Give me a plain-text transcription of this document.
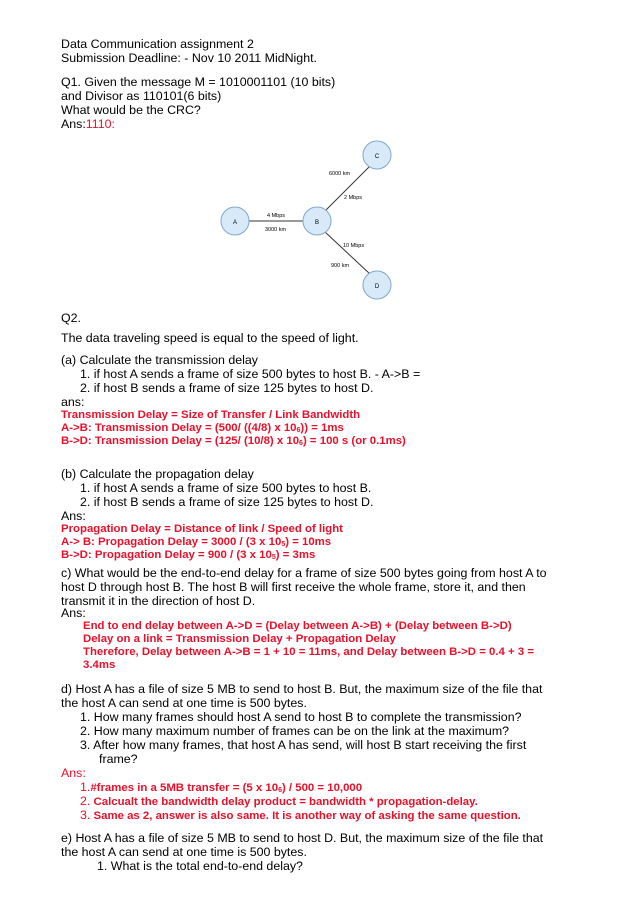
Data Communication assignment 2
Submission Deadline: - Nov 10 2011 MidNight.
Q1. Given the message M = 1010001101 (10 bits)
and Divisor as 110101(6 bits)
What would be the CRC?
Ans:1110:
A	B
C
D
4 Mbps
3000 km
6000 km
2 Mbps
10 Mbps
900 km
Q2.
The data traveling speed is equal to the speed of light.
(a) Calculate the transmission delay
1. if host A sends a frame of size 500 bytes to host B. - A->B =
2. if host B sends a frame of size 125 bytes to host D.
ans:
Transmission Delay = Size of Transfer / Link Bandwidth
A->B: Transmission Delay = (500/ ((4/8) x 106)) = 1ms
B->D: Transmission Delay = (125/ (10/8) x 106) = 100 s (or 0.1ms)
(b) Calculate the propagation delay
1. if host A sends a frame of size 500 bytes to host B.
2. if host B sends a frame of size 125 bytes to host D.
Ans:
Propagation Delay = Distance of link / Speed of light
A-> B: Propagation Delay = 3000 / (3 x 105) = 10ms
B->D: Propagation Delay = 900 / (3 x 105) = 3ms
c) What would be the end-to-end delay for a frame of size 500 bytes going from host A to
host D through host B. The host B will first receive the whole frame, store it, and then
transmit it in the direction of host D.
Ans:
End to end delay between A->D = (Delay between A->B) + (Delay between B->D)
Delay on a link = Transmission Delay + Propagation Delay
Therefore, Delay between A->B = 1 + 10 = 11ms, and Delay between B->D = 0.4 + 3 =
3.4ms
d) Host A has a file of size 5 MB to send to host B. But, the maximum size of the file that
the host A can send at one time is 500 bytes.
1. How many frames should host A send to host B to complete the transmission?
2. How many maximum number of frames can be on the link at the maximum?
3. After how many frames, that host A has send, will host B start receiving the first
frame?
Ans:
1.#frames in a 5MB transfer = (5 x 106) / 500 = 10,000
2. Calcualt the bandwidth delay product = bandwidth * propagation-delay.
3. Same as 2, answer is also same. It is another way of asking the same question.
e) Host A has a file of size 5 MB to send to host D. But, the maximum size of the file that
the host A can send at one time is 500 bytes.
1. What is the total end-to-end delay?
